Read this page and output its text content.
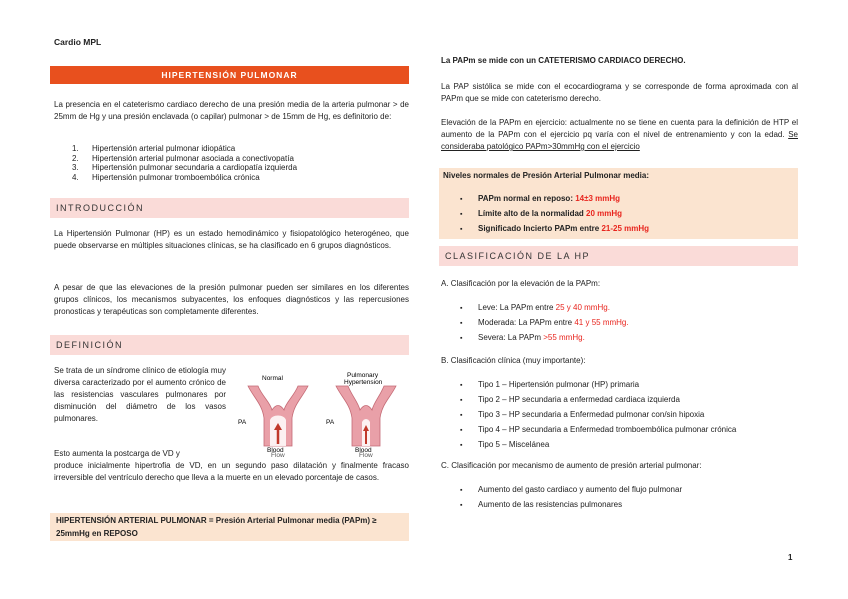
Cardio MPL
HIPERTENSIÓN PULMONAR
La presencia en el cateterismo cardiaco derecho de una presión media de la arteria pulmonar > de 25mm de Hg y una presión enclavada (o capilar) pulmonar > de 15mm de Hg, es definitorio de:
1. Hipertensión arterial pulmonar idiopática
2. Hipertensión arterial pulmonar asociada a conectivopatía
3. Hipertensión pulmonar secundaria a cardiopatía izquierda
4. Hipertensión pulmonar tromboembólica crónica
INTRODUCCIÓN
La Hipertensión Pulmonar (HP) es un estado hemodinámico y fisiopatológico heterogéneo, que puede observarse en múltiples situaciones clínicas, se ha clasificado en 6 grupos diagnósticos.
A pesar de que las elevaciones de la presión pulmonar pueden ser similares en los diferentes grupos clínicos, los mecanismos subyacentes, los enfoques diagnósticos y las repercusiones pronosticas y terapéuticas son completamente diferentes.
DEFINICIÓN
Se trata de un síndrome clínico de etiología muy diversa caracterizado por el aumento crónico de las resistencias vasculares pulmonares por disminución del diámetro de los vasos pulmonares.
Esto aumenta la postcarga de VD y
produce inicialmente hipertrofia de VD, en un segundo paso dilatación y finalmente fracaso irreversible del ventrículo derecho que lleva a la muerte en un elevado porcentaje de casos.
Normal	Pulmonary
Hypertension
PA
Blood
PA
Blood
Flow	Flow
HIPERTENSIÓN ARTERIAL PULMONAR = Presión Arterial Pulmonar media (PAPm) ≥ 25mmHg en REPOSO
La PAPm se mide con un CATETERISMO CARDIACO DERECHO.
La PAP sistólica se mide con el ecocardiograma y se corresponde de forma aproximada con al PAPm que se mide con cateterismo derecho.
Elevación de la PAPm en ejercicio: actualmente no se tiene en cuenta para la definición de HTP el aumento de la PAPm con el ejercicio pq varía con el nivel de entrenamiento y con la edad. Se consideraba patológico PAPm>30mmHg con el ejercicio
Niveles normales de Presión Arterial Pulmonar media:
▪ PAPm normal en reposo: 14±3 mmHg
▪ Límite alto de la normalidad 20 mmHg
▪ Significado Incierto PAPm entre 21-25 mmHg
CLASIFICACIÓN DE LA HP
A. Clasificación por la elevación de la PAPm:
▪ Leve: La PAPm entre 25 y 40 mmHg.
▪ Moderada: La PAPm entre 41 y 55 mmHg.
▪ Severa: La PAPm >55 mmHg.
B. Clasificación clínica (muy importante):
▪ Tipo 1 – Hipertensión pulmonar (HP) primaria
▪ Tipo 2 – HP secundaria a enfermedad cardiaca izquierda
▪ Tipo 3 – HP secundaria a Enfermedad pulmonar con/sin hipoxia
▪ Tipo 4 – HP secundaria a Enfermedad tromboembólica pulmonar crónica
▪ Tipo 5 – Miscelánea
C. Clasificación por mecanismo de aumento de presión arterial pulmonar:
▪ Aumento del gasto cardiaco y aumento del flujo pulmonar
▪ Aumento de las resistencias pulmonares
1
